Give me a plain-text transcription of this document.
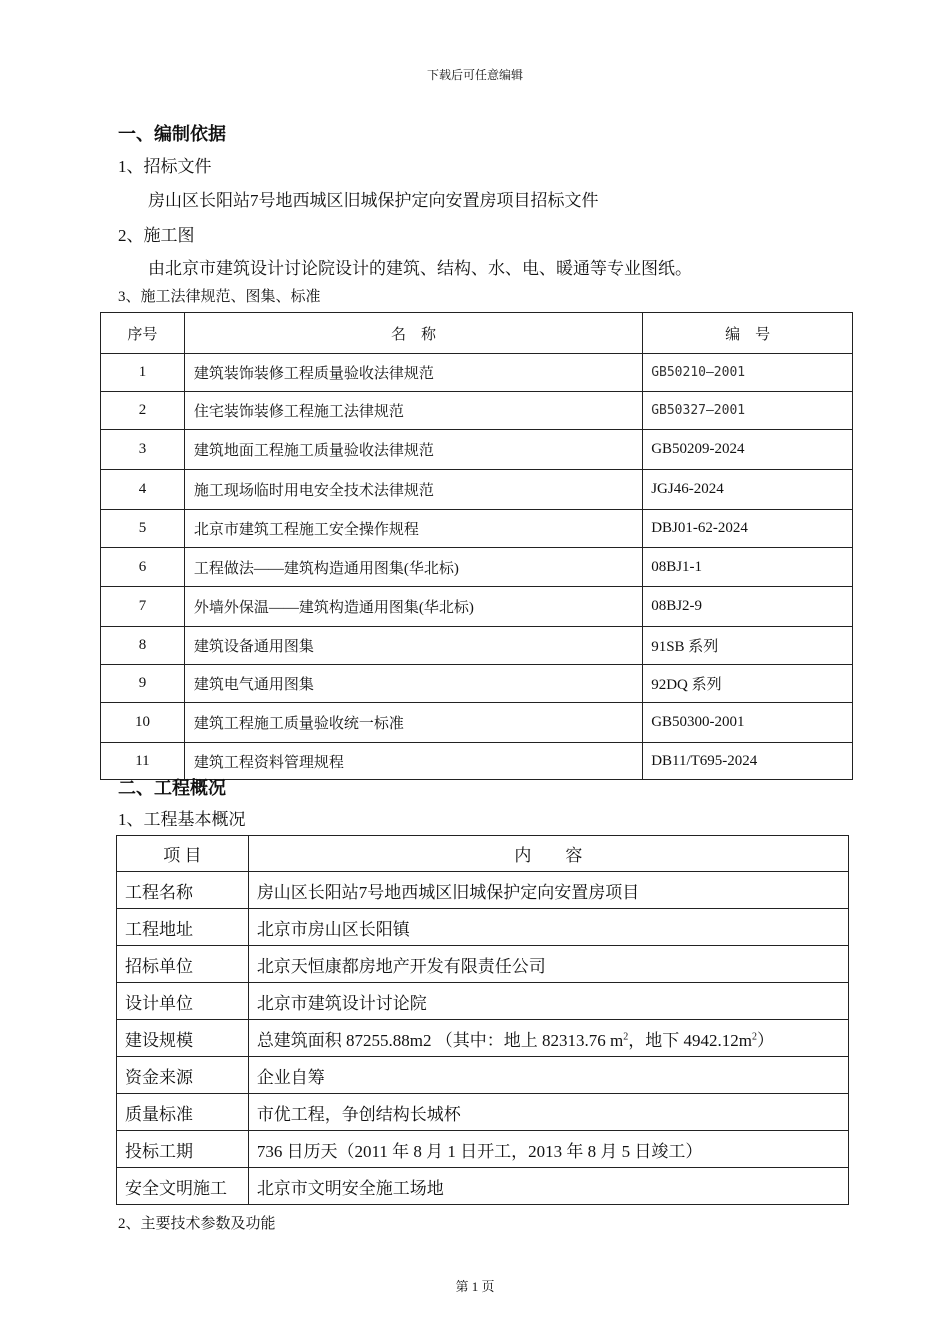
下载后可任意编辑
一、编制依据
1、招标文件
房山区长阳站7号地西城区旧城保护定向安置房项目招标文件
2、施工图
由北京市建筑设计讨论院设计的建筑、结构、水、电、暖通等专业图纸。
3、施工法律规范、图集、标准
序号	名　称	编　号
1	建筑装饰装修工程质量验收法律规范	GB50210—2001
2	住宅装饰装修工程施工法律规范	GB50327—2001
3	建筑地面工程施工质量验收法律规范	GB50209-2024
4	施工现场临时用电安全技术法律规范	JGJ46-2024
5	北京市建筑工程施工安全操作规程	DBJ01-62-2024
6	工程做法——建筑构造通用图集(华北标)	08BJ1-1
7	外墙外保温——建筑构造通用图集(华北标)	08BJ2-9
8	建筑设备通用图集	91SB 系列
9	建筑电气通用图集	92DQ 系列
10	建筑工程施工质量验收统一标准	GB50300-2001
11	建筑工程资料管理规程	DB11/T695-2024
二、工程概况
1、工程基本概况
项 目	内　　容
工程名称	房山区长阳站7号地西城区旧城保护定向安置房项目
工程地址	北京市房山区长阳镇
招标单位	北京天恒康都房地产开发有限责任公司
设计单位	北京市建筑设计讨论院
建设规模	总建筑面积 87255.88m2 （其中：地上 82313.76 $m^2$，地下 $4942.12m^2$）
资金来源	企业自筹
质量标准	市优工程，争创结构长城杯
投标工期	736 日历天（2011 年 8 月 1 日开工，2013 年 8 月 5 日竣工）
安全文明施工	北京市文明安全施工场地
2、主要技术参数及功能
第 1 页
